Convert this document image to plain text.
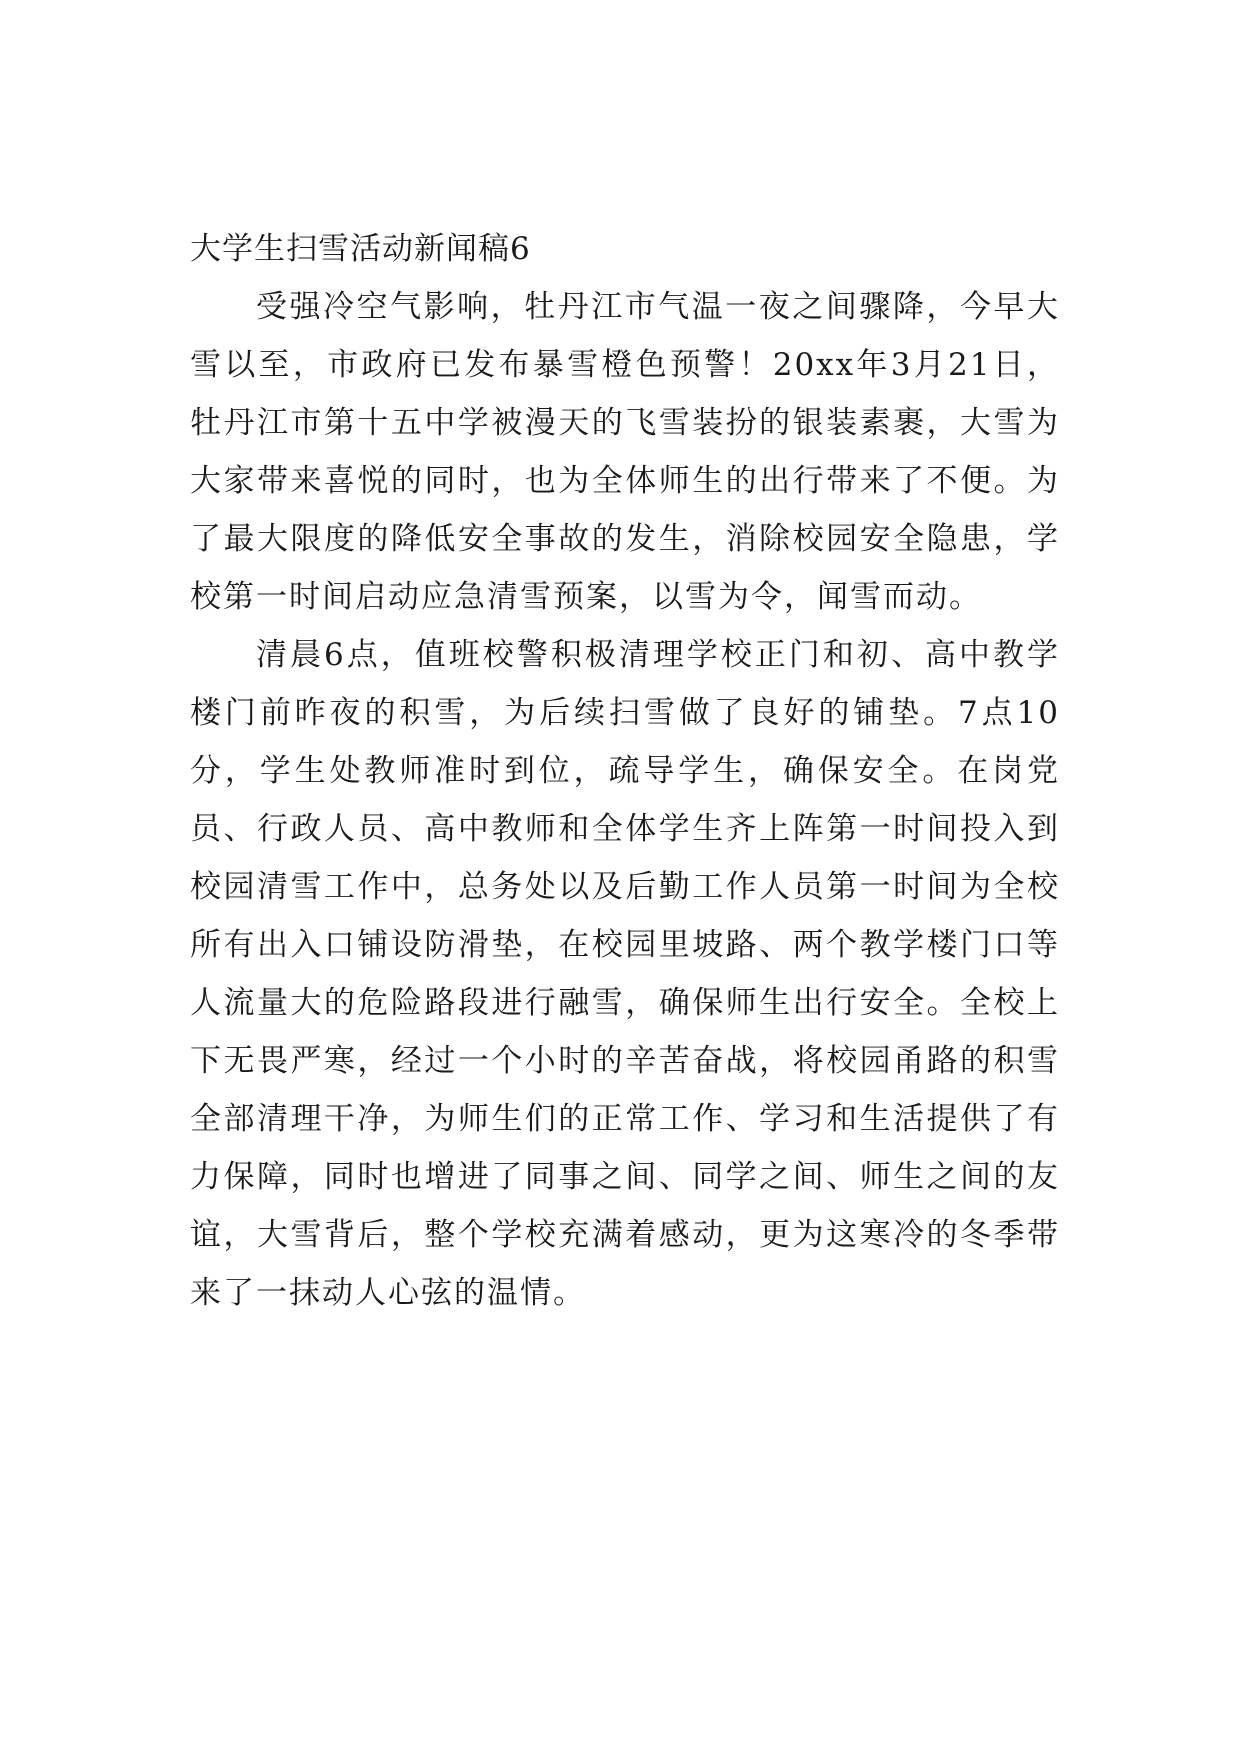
大学生扫雪活动新闻稿6

受强冷空气影响，牡丹江市气温一夜之间骤降，今早大雪以至，市政府已发布暴雪橙色预警！20xx年3月21日，牡丹江市第十五中学被漫天的飞雪装扮的银装素裹，大雪为大家带来喜悦的同时，也为全体师生的出行带来了不便。为了最大限度的降低安全事故的发生，消除校园安全隐患，学校第一时间启动应急清雪预案，以雪为令，闻雪而动。

清晨6点，值班校警积极清理学校正门和初、高中教学楼门前昨夜的积雪，为后续扫雪做了良好的铺垫。7点10分，学生处教师准时到位，疏导学生，确保安全。在岗党员、行政人员、高中教师和全体学生齐上阵第一时间投入到校园清雪工作中，总务处以及后勤工作人员第一时间为全校所有出入口铺设防滑垫，在校园里坡路、两个教学楼门口等人流量大的危险路段进行融雪，确保师生出行安全。全校上下无畏严寒，经过一个小时的辛苦奋战，将校园甬路的积雪全部清理干净，为师生们的正常工作、学习和生活提供了有力保障，同时也增进了同事之间、同学之间、师生之间的友谊，大雪背后，整个学校充满着感动，更为这寒冷的冬季带来了一抹动人心弦的温情。
